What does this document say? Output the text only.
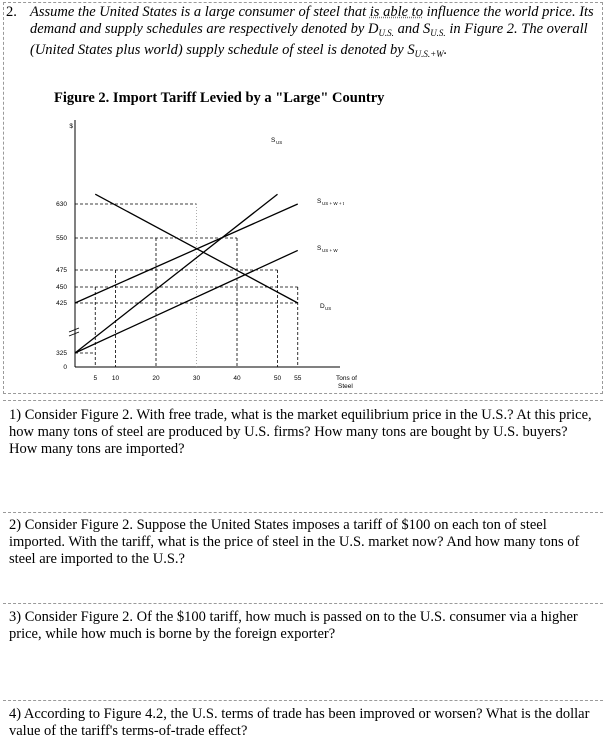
2. Assume the United States is a large consumer of steel that is able to influence the world price. Its demand and supply schedules are respectively denoted by $D_{U.S.}$ and $S_{U.S.}$ in Figure 2. The overall (United States plus world) supply schedule of steel is denoted by $S_{U.S.+W}$.
Figure 2. Import Tariff Levied by a "Large" Country
$
S US
S US + W + t
S US + W
D US
630
550
475
450
425
325
0
5 10	20	30	40	50 55	Tons of
Steel
1) Consider Figure 2. With free trade, what is the market equilibrium price in the U.S.? At this price, how many tons of steel are produced by U.S. firms? How many tons are bought by U.S. buyers? How many tons are imported?
2) Consider Figure 2. Suppose the United States imposes a tariff of $100 on each ton of steel imported. With the tariff, what is the price of steel in the U.S. market now? And how many tons of steel are imported to the U.S.?
3) Consider Figure 2. Of the $100 tariff, how much is passed on to the U.S. consumer via a higher price, while how much is borne by the foreign exporter?
4) According to Figure 4.2, the U.S. terms of trade has been improved or worsen? What is the dollar value of the tariff's terms-of-trade effect?
